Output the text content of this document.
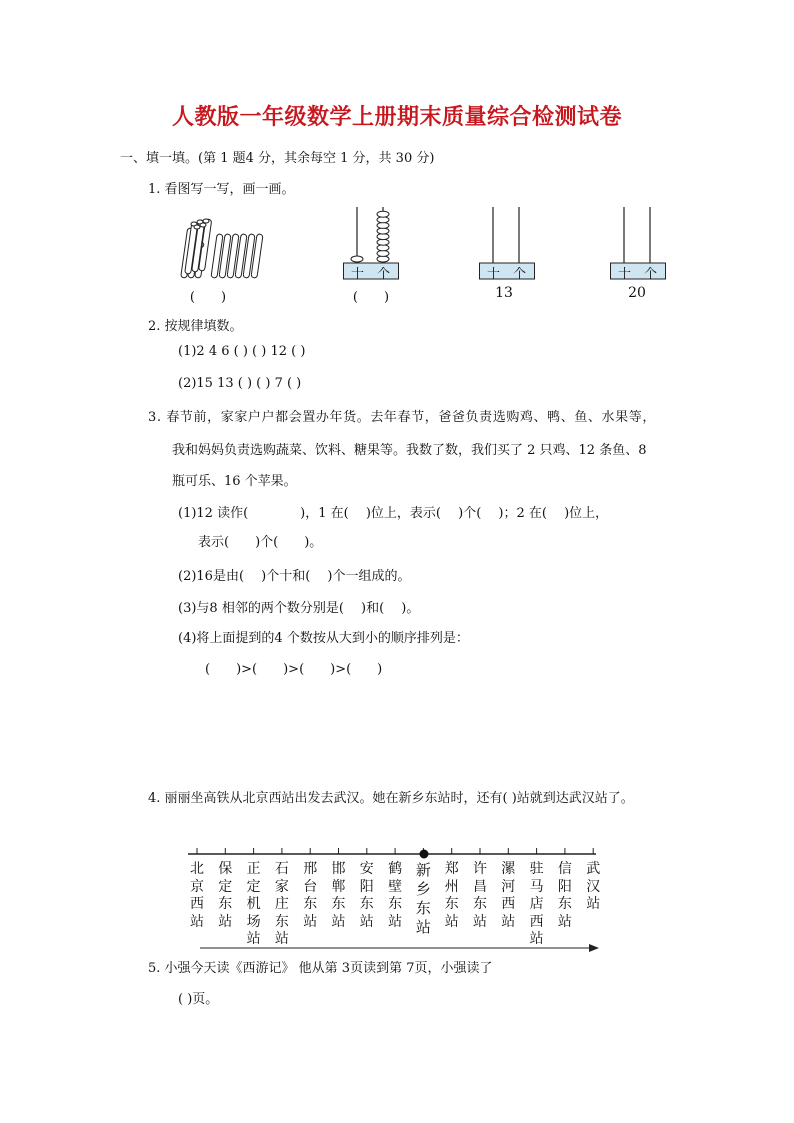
人教版一年级数学上册期末质量综合检测试卷
一、填一填。(第 1 题4 分，其余每空 1 分，共 30 分)
1. 看图写一写，画一画。
(　　)
十 个
(　　)
十 个
13
十 个
20
2. 按规律填数。
(1)2 4 6 ( ) ( ) 12 ( )
(2)15 13 ( ) ( ) 7 ( )
3. 春节前，家家户户都会置办年货。去年春节，爸爸负责选购鸡、鸭、鱼、水果等，
我和妈妈负责选购蔬菜、饮料、糖果等。我数了数，我们买了 2 只鸡、12 条鱼、8
瓶可乐、16 个苹果。
(1)12 读作(　　　　)，1 在(　 )位上，表示(　 )个(　 )；2 在(　 )位上，
表示(　　)个(　　)。
(2)16是由(　 )个十和(　 )个一组成的。
(3)与8 相邻的两个数分别是(　 )和(　 )。
(4)将上面提到的4 个数按从大到小的顺序排列是：
(　　)>(　　)>(　　)>(　　)
4. 丽丽坐高铁从北京西站出发去武汉。她在新乡东站时，还有( )站就到达武汉站了。
北
京
西
站
保
定
东
站
正
定
机
场
站
石
家
庄
东
站
邢
台
东
站
邯
郸
东
站
安
阳
东
站
鹤
壁
东
站
新
乡
东
站
郑
州
东
站
许
昌
东
站
漯
河
西
站
驻
马
店
西
站
信
阳
东
站
武
汉
站
5. 小强今天读《西游记》 他从第 3页读到第 7页，小强读了
( )页。
